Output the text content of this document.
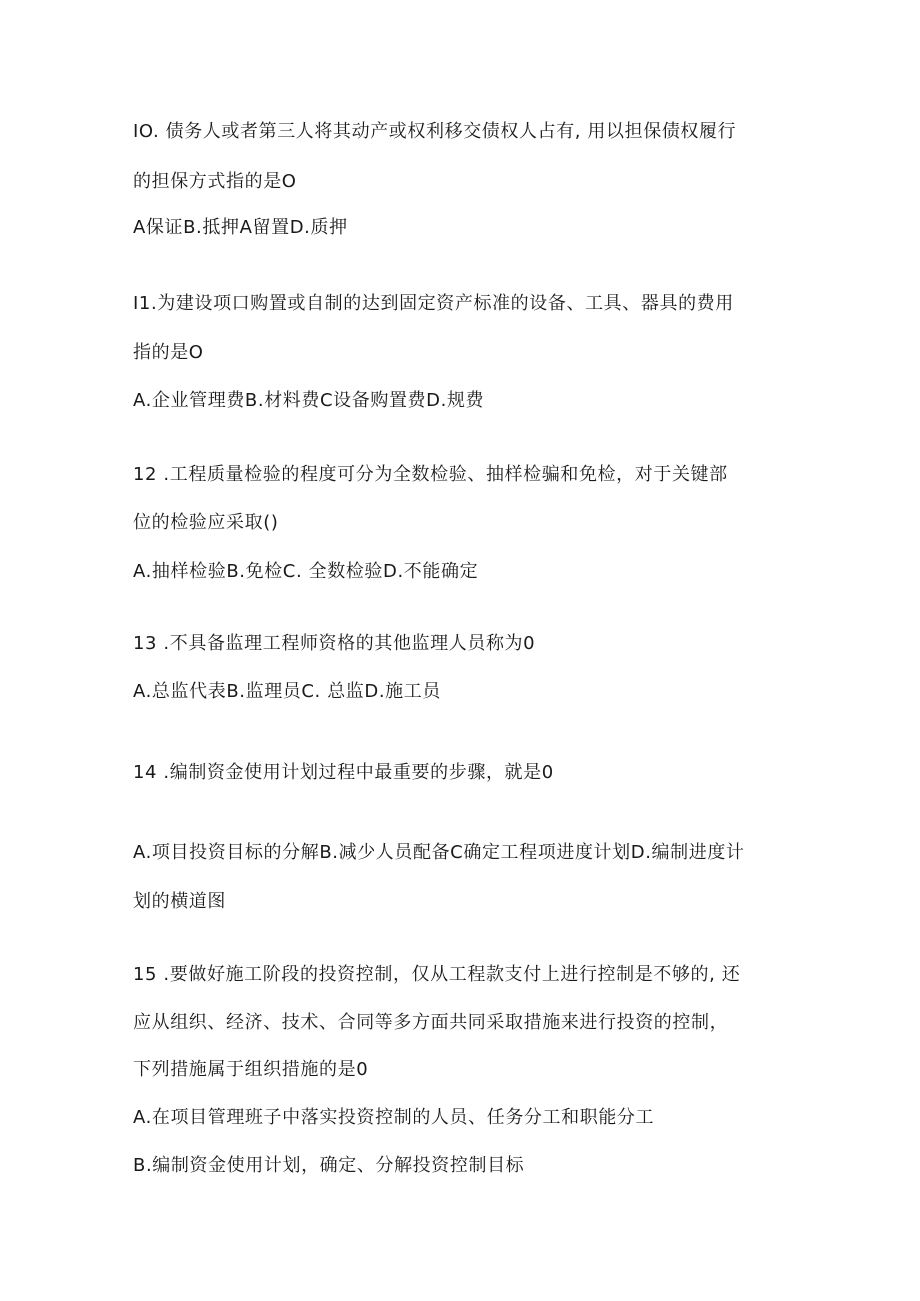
IO. 债务人或者第三人将其动产或权利移交债权人占有, 用以担保债权履行
的担保方式指的是O
A保证B.抵押A留置D.质押
I1.为建设项口购置或自制的达到固定资产标准的设备、工具、器具的费用
指的是O
A.企业管理费B.材料费C设备购置费D.规费
12 .工程质量检验的程度可分为全数检验、抽样检骗和免检，对于关键部
位的检验应采取()
A.抽样检验B.免检C. 全数检验D.不能确定
13 .不具备监理工程师资格的其他监理人员称为0
A.总监代表B.监理员C. 总监D.施工员
14 .编制资金使用计划过程中最重要的步骤，就是0
A.项目投资目标的分解B.减少人员配备C确定工程项进度计划D.编制进度计
划的横道图
15 .要做好施工阶段的投资控制，仅从工程款支付上进行控制是不够的, 还
应从组织、经济、技术、合同等多方面共同采取措施来进行投资的控制，
下列措施属于组织措施的是0
A.在项目管理班子中落实投资控制的人员、任务分工和职能分工
B.编制资金使用计划，确定、分解投资控制目标
